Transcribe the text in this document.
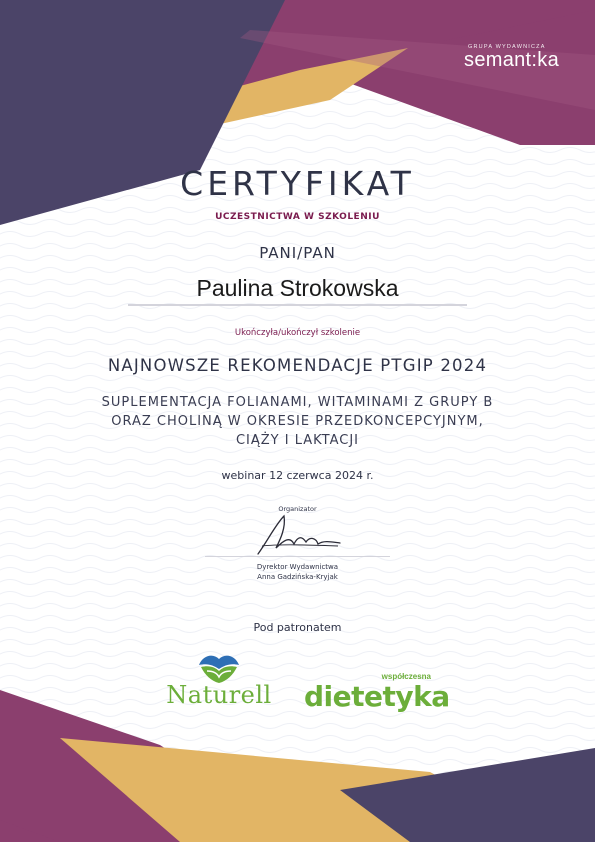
GRUPA WYDAWNICZA
semant:ka
CERTYFIKAT

UCZESTNICTWA W SZKOLENIU

PANI/PAN

Paulina Strokowska

Ukończyła/ukończył szkolenie

NAJNOWSZE REKOMENDACJE PTGIP 2024

SUPLEMENTACJA FOLIANAMI, WITAMINAMI Z GRUPY B
ORAZ CHOLINĄ W OKRESIE PRZEDKONCEPCYJNYM,
CIĄŻY I LAKTACJI

webinar 12 czerwca 2024 r.

Organizator

Dyrektor Wydawnictwa

Anna Gadzińska-Kryjak

Pod patronatem

Naturell
współczesna
dietetyka
